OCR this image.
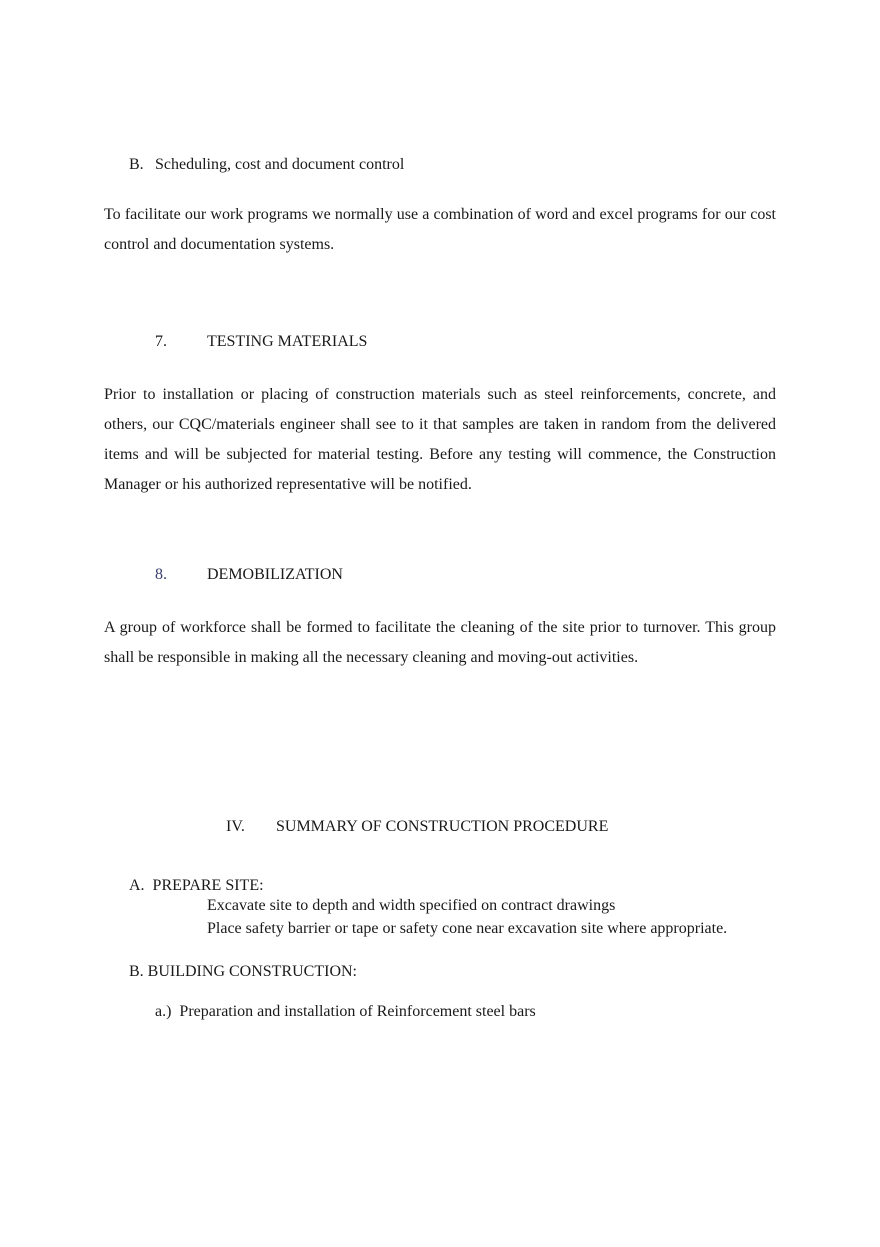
B. Scheduling, cost and document control

To facilitate our work programs we normally use a combination of word and excel programs for our cost control and documentation systems.

7.	TESTING MATERIALS

Prior to installation or placing of construction materials such as steel reinforcements, concrete, and others, our CQC/materials engineer shall see to it that samples are taken in random from the delivered items and will be subjected for material testing. Before any testing will commence, the Construction Manager or his authorized representative will be notified.

8.	DEMOBILIZATION

A group of workforce shall be formed to facilitate the cleaning of the site prior to turnover. This group shall be responsible in making all the necessary cleaning and moving-out activities.

IV. SUMMARY OF CONSTRUCTION PROCEDURE
A.  PREPARE SITE:
Excavate site to depth and width specified on contract drawings
Place safety barrier or tape or safety cone near excavation site where appropriate.
B. BUILDING CONSTRUCTION:
a.)  Preparation and installation of Reinforcement steel bars
